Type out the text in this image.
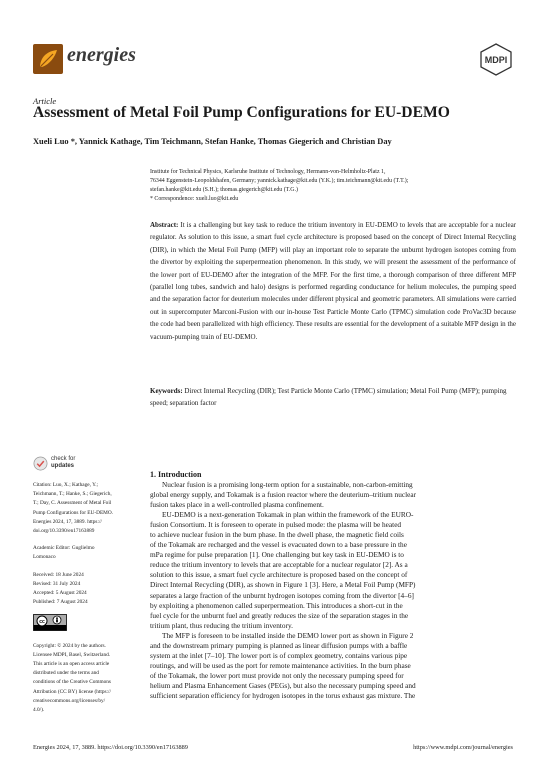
energies	MDPI
Article
Assessment of Metal Foil Pump Configurations for EU-DEMO
Xueli Luo *, Yannick Kathage, Tim Teichmann, Stefan Hanke, Thomas Giegerich and Christian Day
Institute for Technical Physics, Karlsruhe Institute of Technology, Hermann-von-Helmholtz-Platz 1,
76344 Eggenstein-Leopoldshafen, Germany; yannick.kathage@kit.edu (Y.K.); tim.teichmann@kit.edu (T.T.);
stefan.hanke@kit.edu (S.H.); thomas.giegerich@kit.edu (T.G.)
* Correspondence: xueli.luo@kit.edu
Abstract: It is a challenging but key task to reduce the tritium inventory in EU-DEMO to levels that are acceptable for a nuclear regulator. As solution to this issue, a smart fuel cycle architecture is proposed based on the concept of Direct Internal Recycling (DIR), in which the Metal Foil Pump (MFP) will play an important role to separate the unburnt hydrogen isotopes coming from the divertor by exploiting the superpermeation phenomenon. In this study, we will present the assessment of the performance of the lower port of EU-DEMO after the integration of the MFP. For the first time, a thorough comparison of three different MFP (parallel long tubes, sandwich and halo) designs is performed regarding conductance for helium molecules, the pumping speed and the separation factor for deuterium molecules under different physical and geometric parameters. All simulations were carried out in supercomputer Marconi-Fusion with our in-house Test Particle Monte Carlo (TPMC) simulation code ProVac3D because the code had been parallelized with high efficiency. These results are essential for the development of a suitable MFP design in the vacuum-pumping train of EU-DEMO.
Keywords: Direct Internal Recycling (DIR); Test Particle Monte Carlo (TPMC) simulation; Metal Foil Pump (MFP); pumping speed; separation factor
check for
updates
Citation: Luo, X.; Kathage, Y.;
Teichmann, T.; Hanke, S.; Giegerich,
T.; Day, C. Assessment of Metal Foil
Pump Configurations for EU-DEMO.
Energies 2024, 17, 3889. https://
doi.org/10.3390/en17163889
Academic Editor: Guglielmo
Lomonaco
Received: 18 June 2024
Revised: 31 July 2024
Accepted: 5 August 2024
Published: 7 August 2024
cc
Copyright: © 2024 by the authors.
Licensee MDPI, Basel, Switzerland.
This article is an open access article
distributed under the terms and
conditions of the Creative Commons
Attribution (CC BY) license (https://
creativecommons.org/licenses/by/
4.0/).
1. Introduction
Nuclear fusion is a promising long-term option for a sustainable, non-carbon-emitting
global energy supply, and Tokamak is a fusion reactor where the deuterium–tritium nuclear
fusion takes place in a well-controlled plasma confinement.
EU-DEMO is a next-generation Tokamak in plan within the framework of the EURO-
fusion Consortium. It is foreseen to operate in pulsed mode: the plasma will be heated
to achieve nuclear fusion in the burn phase. In the dwell phase, the magnetic field coils
of the Tokamak are recharged and the vessel is evacuated down to a base pressure in the
mPa regime for pulse preparation [1]. One challenging but key task in EU-DEMO is to
reduce the tritium inventory to levels that are acceptable for a nuclear regulator [2]. As a
solution to this issue, a smart fuel cycle architecture is proposed based on the concept of
Direct Internal Recycling (DIR), as shown in Figure 1 [3]. Here, a Metal Foil Pump (MFP)
separates a large fraction of the unburnt hydrogen isotopes coming from the divertor [4–6]
by exploiting a phenomenon called superpermeation. This introduces a short-cut in the
fuel cycle for the unburnt fuel and greatly reduces the size of the separation stages in the
tritium plant, thus reducing the tritium inventory.
The MFP is foreseen to be installed inside the DEMO lower port as shown in Figure 2
and the downstream primary pumping is planned as linear diffusion pumps with a baffle
system at the inlet [7–10]. The lower port is of complex geometry, contains various pipe
routings, and will be used as the port for remote maintenance activities. In the burn phase
of the Tokamak, the lower port must provide not only the necessary pumping speed for
helium and Plasma Enhancement Gases (PEGs), but also the necessary pumping speed and
sufficient separation efficiency for hydrogen isotopes in the torus exhaust gas mixture. The
Energies 2024, 17, 3889. https://doi.org/10.3390/en17163889	https://www.mdpi.com/journal/energies
